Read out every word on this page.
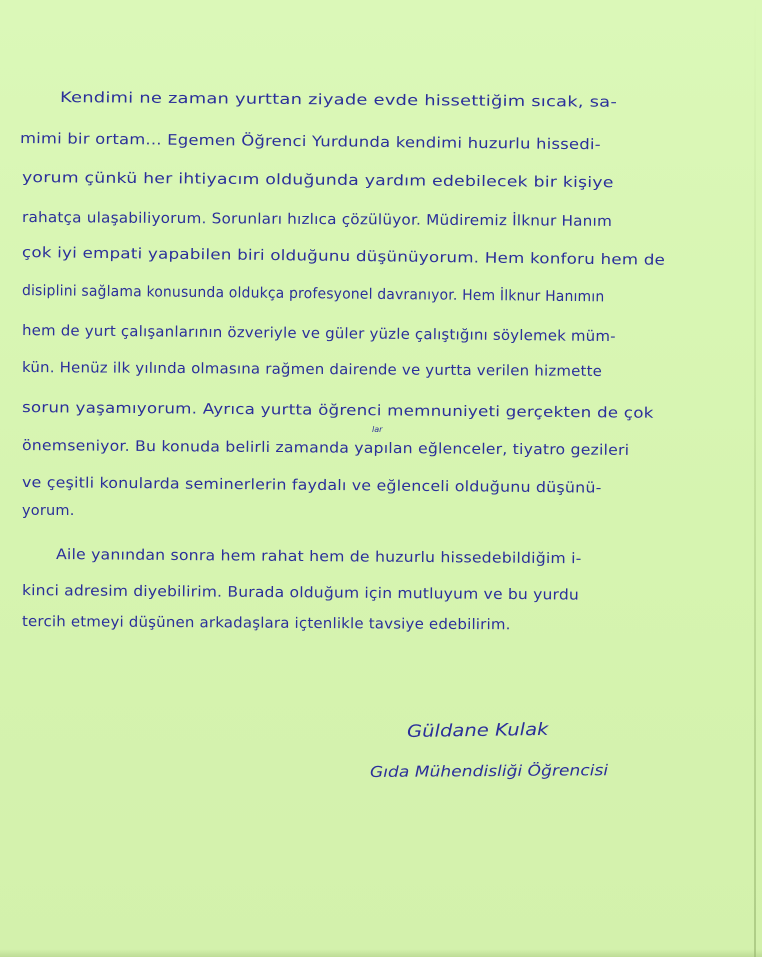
Kendimi ne zaman yurttan ziyade evde hissettiğim sıcak, sa-
mimi bir ortam... Egemen Öğrenci Yurdunda kendimi huzurlu hissedi-
yorum çünkü her ihtiyacım olduğunda yardım edebilecek bir kişiye
rahatça ulaşabiliyorum. Sorunları hızlıca çözülüyor. Müdiremiz İlknur Hanım
çok iyi empati yapabilen biri olduğunu düşünüyorum. Hem konforu hem de
disiplini sağlama konusunda oldukça profesyonel davranıyor. Hem İlknur Hanımın
hem de yurt çalışanlarının özveriyle ve güler yüzle çalıştığını söylemek müm-
kün. Henüz ilk yılında olmasına rağmen dairende ve yurtta verilen hizmette
sorun yaşamıyorum. Ayrıca yurtta öğrenci memnuniyeti gerçekten de çok
önemseniyor. Bu konuda belirli zamanda yapılan eğlenceler, tiyatro gezileri
ve çeşitli konularda seminerlerin faydalı ve eğlenceli olduğunu düşünü-
yorum.
lar
Aile yanından sonra hem rahat hem de huzurlu hissedebildiğim i-
kinci adresim diyebilirim. Burada olduğum için mutluyum ve bu yurdu
tercih etmeyi düşünen arkadaşlara içtenlikle tavsiye edebilirim.
Güldane Kulak
Gıda Mühendisliği Öğrencisi
